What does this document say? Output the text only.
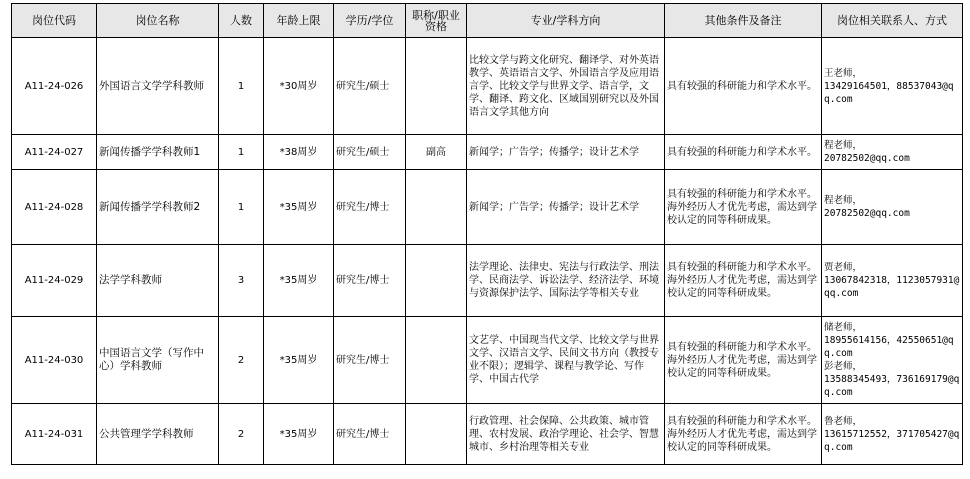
岗位代码	岗位名称	人数	年龄上限	学历/学位	职称/职业资格	专业/学科方向	其他条件及备注	岗位相关联系人、方式
A11-24-026	外国语言文学学科教师	1	*30周岁	研究生/硕士		比较文学与跨文化研究、翻译学、对外英语教学、英语语言文学、外国语言学及应用语言学、比较文学与世界文学、语言学，文学、翻译、跨文化、区域国别研究以及外国语言文学其他方向	具有较强的科研能力和学术水平。	王老师，
13429164501，88537043@qq.com
A11-24-027	新闻传播学学科教师1	1	*38周岁	研究生/硕士	副高	新闻学；广告学；传播学；设计艺术学	具有较强的科研能力和学术水平。	程老师，
20782502@qq.com
A11-24-028	新闻传播学学科教师2	1	*35周岁	研究生/博士		新闻学；广告学；传播学；设计艺术学	具有较强的科研能力和学术水平。海外经历人才优先考虑，需达到学校认定的同等科研成果。	程老师，
20782502@qq.com
A11-24-029	法学学科教师	3	*35周岁	研究生/博士		法学理论、法律史、宪法与行政法学、刑法学、民商法学、诉讼法学、经济法学、环境与资源保护法学、国际法学等相关专业	具有较强的科研能力和学术水平。海外经历人才优先考虑，需达到学校认定的同等科研成果。	贾老师，
13067842318，1123057931@qq.com
A11-24-030	中国语言文学（写作中心）学科教师	2	*35周岁	研究生/博士		文艺学、中国现当代文学、比较文学与世界文学、汉语言文学、民间文书方向（教授专业不限）；逻辑学、课程与教学论、写作学、中国古代学	具有较强的科研能力和学术水平。海外经历人才优先考虑，需达到学校认定的同等科研成果。	储老师，
18955614156，42550651@qq.com
彭老师，
13588345493，736169179@qq.com
A11-24-031	公共管理学学科教师	2	*35周岁	研究生/博士		行政管理、社会保障、公共政策、城市管理、农村发展、政治学理论、社会学、智慧城市、乡村治理等相关专业	具有较强的科研能力和学术水平。海外经历人才优先考虑，需达到学校认定的同等科研成果。	鲁老师，
13615712552，371705427@qq.com
